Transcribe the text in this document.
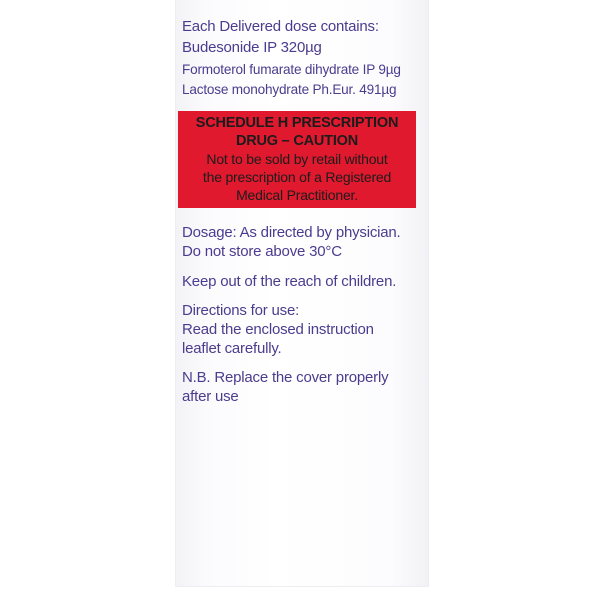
Each Delivered dose contains:
Budesonide IP 320µg
Formoterol fumarate dihydrate IP 9µg
Lactose monohydrate Ph.Eur. 491µg
SCHEDULE H PRESCRIPTION
DRUG – CAUTION
Not to be sold by retail without
the prescription of a Registered
Medical Practitioner.
Dosage: As directed by physician.
Do not store above 30°C
Keep out of the reach of children.
Directions for use:
Read the enclosed instruction
leaflet carefully.
N.B. Replace the cover properly
after use
